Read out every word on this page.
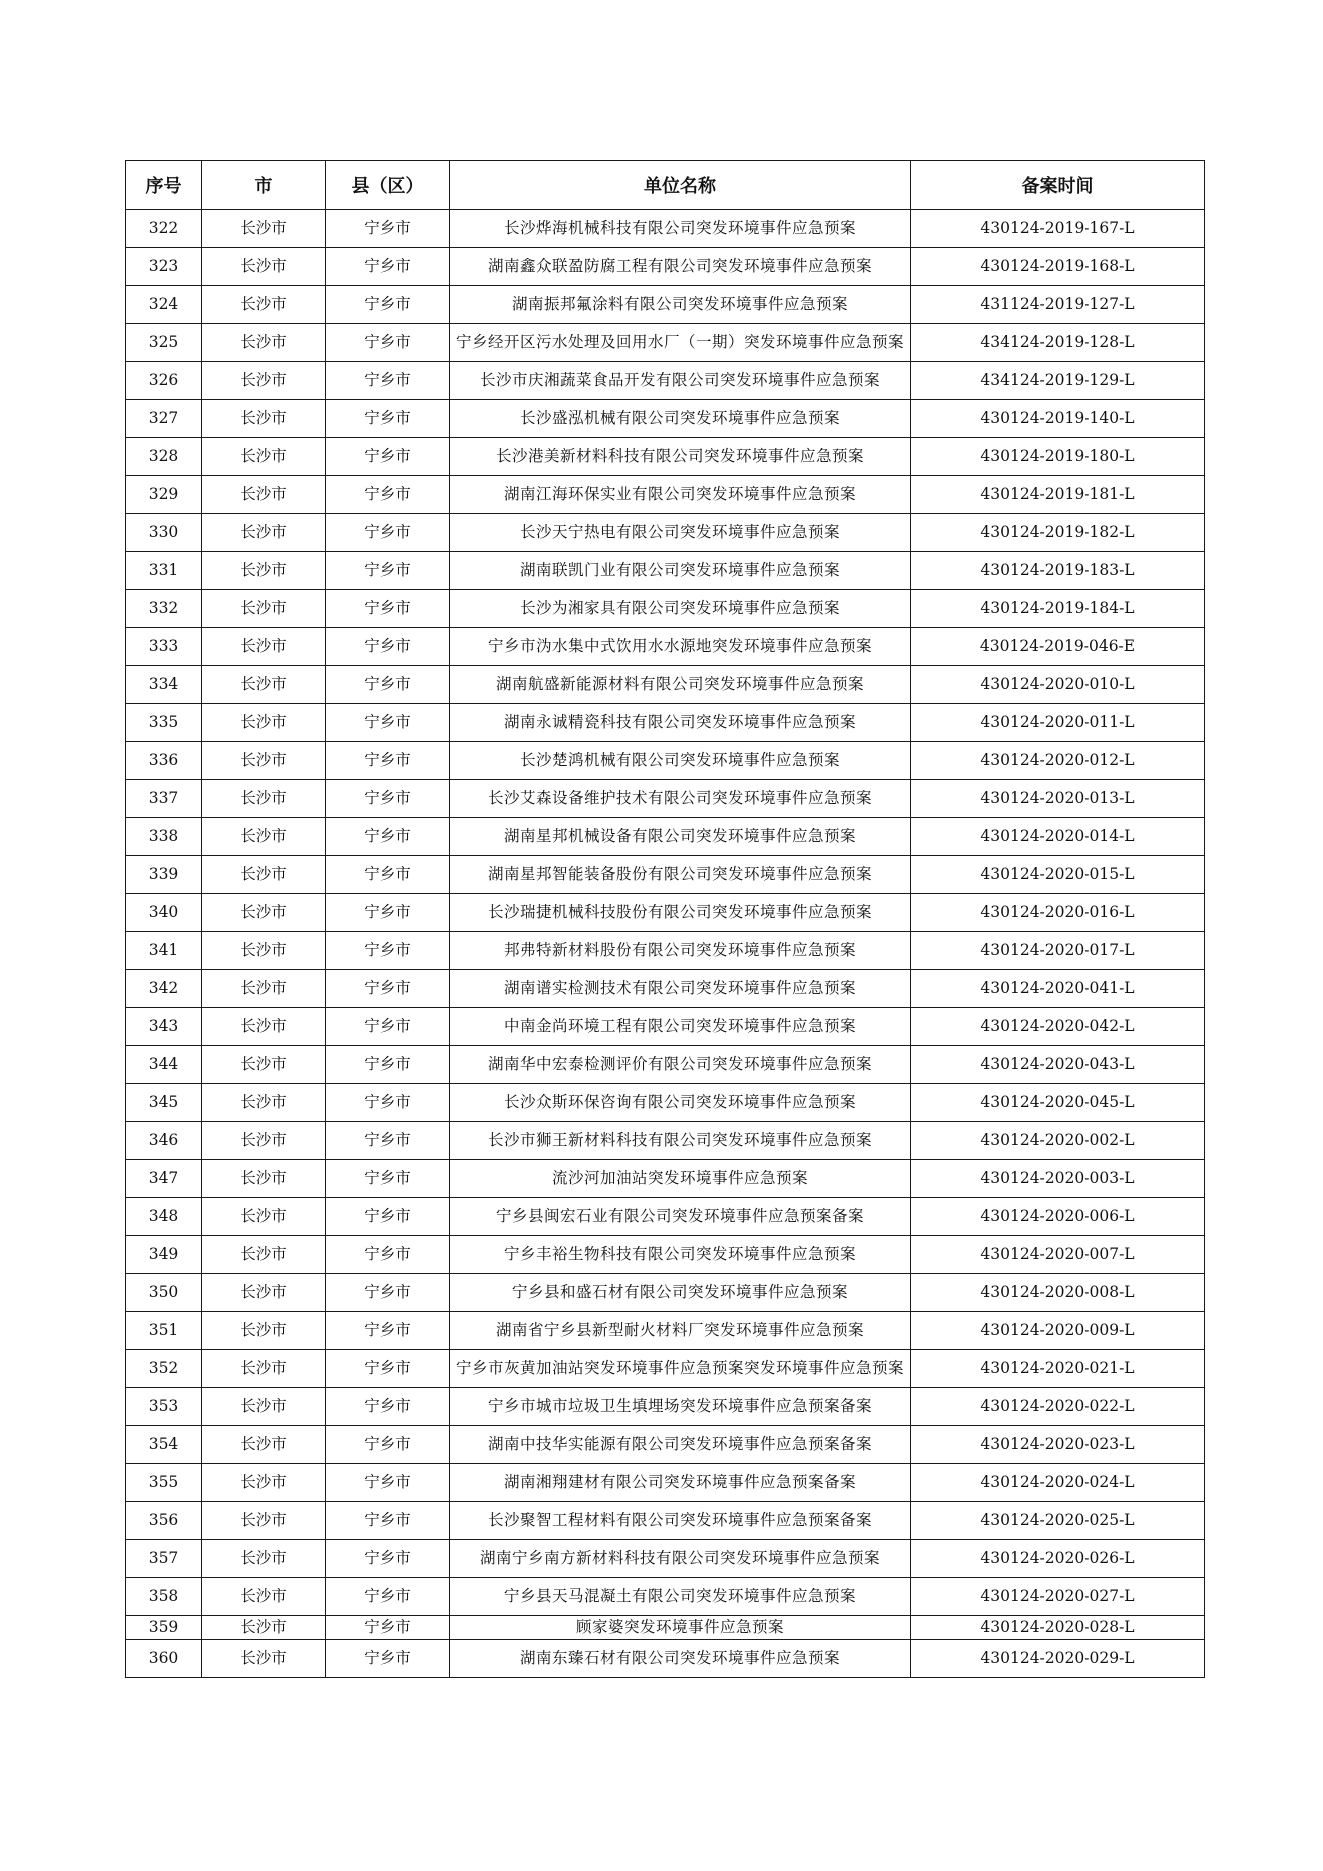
序号	市	县（区）	单位名称	备案时间
322	长沙市	宁乡市	长沙烨海机械科技有限公司突发环境事件应急预案	430124-2019-167-L
323	长沙市	宁乡市	湖南鑫众联盈防腐工程有限公司突发环境事件应急预案	430124-2019-168-L
324	长沙市	宁乡市	湖南振邦氟涂料有限公司突发环境事件应急预案	431124-2019-127-L
325	长沙市	宁乡市	宁乡经开区污水处理及回用水厂（一期）突发环境事件应急预案	434124-2019-128-L
326	长沙市	宁乡市	长沙市庆湘蔬菜食品开发有限公司突发环境事件应急预案	434124-2019-129-L
327	长沙市	宁乡市	长沙盛泓机械有限公司突发环境事件应急预案	430124-2019-140-L
328	长沙市	宁乡市	长沙港美新材料科技有限公司突发环境事件应急预案	430124-2019-180-L
329	长沙市	宁乡市	湖南江海环保实业有限公司突发环境事件应急预案	430124-2019-181-L
330	长沙市	宁乡市	长沙天宁热电有限公司突发环境事件应急预案	430124-2019-182-L
331	长沙市	宁乡市	湖南联凯门业有限公司突发环境事件应急预案	430124-2019-183-L
332	长沙市	宁乡市	长沙为湘家具有限公司突发环境事件应急预案	430124-2019-184-L
333	长沙市	宁乡市	宁乡市沩水集中式饮用水水源地突发环境事件应急预案	430124-2019-046-E
334	长沙市	宁乡市	湖南航盛新能源材料有限公司突发环境事件应急预案	430124-2020-010-L
335	长沙市	宁乡市	湖南永诚精瓷科技有限公司突发环境事件应急预案	430124-2020-011-L
336	长沙市	宁乡市	长沙楚鸿机械有限公司突发环境事件应急预案	430124-2020-012-L
337	长沙市	宁乡市	长沙艾森设备维护技术有限公司突发环境事件应急预案	430124-2020-013-L
338	长沙市	宁乡市	湖南星邦机械设备有限公司突发环境事件应急预案	430124-2020-014-L
339	长沙市	宁乡市	湖南星邦智能装备股份有限公司突发环境事件应急预案	430124-2020-015-L
340	长沙市	宁乡市	长沙瑞捷机械科技股份有限公司突发环境事件应急预案	430124-2020-016-L
341	长沙市	宁乡市	邦弗特新材料股份有限公司突发环境事件应急预案	430124-2020-017-L
342	长沙市	宁乡市	湖南谱实检测技术有限公司突发环境事件应急预案	430124-2020-041-L
343	长沙市	宁乡市	中南金尚环境工程有限公司突发环境事件应急预案	430124-2020-042-L
344	长沙市	宁乡市	湖南华中宏泰检测评价有限公司突发环境事件应急预案	430124-2020-043-L
345	长沙市	宁乡市	长沙众斯环保咨询有限公司突发环境事件应急预案	430124-2020-045-L
346	长沙市	宁乡市	长沙市狮王新材料科技有限公司突发环境事件应急预案	430124-2020-002-L
347	长沙市	宁乡市	流沙河加油站突发环境事件应急预案	430124-2020-003-L
348	长沙市	宁乡市	宁乡县闽宏石业有限公司突发环境事件应急预案备案	430124-2020-006-L
349	长沙市	宁乡市	宁乡丰裕生物科技有限公司突发环境事件应急预案	430124-2020-007-L
350	长沙市	宁乡市	宁乡县和盛石材有限公司突发环境事件应急预案	430124-2020-008-L
351	长沙市	宁乡市	湖南省宁乡县新型耐火材料厂突发环境事件应急预案	430124-2020-009-L
352	长沙市	宁乡市	宁乡市灰黄加油站突发环境事件应急预案突发环境事件应急预案	430124-2020-021-L
353	长沙市	宁乡市	宁乡市城市垃圾卫生填埋场突发环境事件应急预案备案	430124-2020-022-L
354	长沙市	宁乡市	湖南中技华实能源有限公司突发环境事件应急预案备案	430124-2020-023-L
355	长沙市	宁乡市	湖南湘翔建材有限公司突发环境事件应急预案备案	430124-2020-024-L
356	长沙市	宁乡市	长沙聚智工程材料有限公司突发环境事件应急预案备案	430124-2020-025-L
357	长沙市	宁乡市	湖南宁乡南方新材料科技有限公司突发环境事件应急预案	430124-2020-026-L
358	长沙市	宁乡市	宁乡县天马混凝土有限公司突发环境事件应急预案	430124-2020-027-L
359	长沙市	宁乡市	顾家婆突发环境事件应急预案	430124-2020-028-L
360	长沙市	宁乡市	湖南东臻石材有限公司突发环境事件应急预案	430124-2020-029-L
